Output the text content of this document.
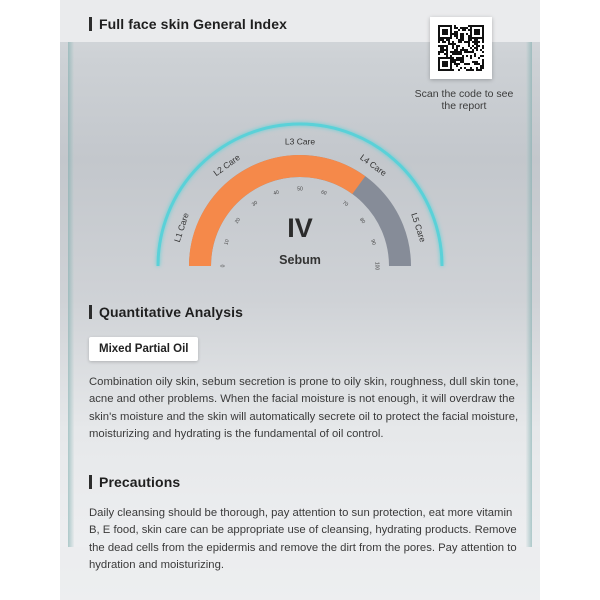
Full face skin General Index
Scan the code to see the report
L1 Care
L2 Care
L3 Care
L4 Care
L5 Care
0
10
20
30
40
50
60
70
80
90
100
IV
Sebum
Quantitative Analysis
Mixed Partial Oil
Combination oily skin, sebum secretion is prone to oily skin, roughness, dull skin tone, acne and other problems. When the facial moisture is not enough, it will overdraw the skin's moisture and the skin will automatically secrete oil to protect the facial moisture, moisturizing and hydrating is the fundamental of oil control.
Precautions
Daily cleansing should be thorough, pay attention to sun protection, eat more vitamin B, E food, skin care can be appropriate use of cleansing, hydrating products. Remove the dead cells from the epidermis and remove the dirt from the pores. Pay attention to hydration and moisturizing.
